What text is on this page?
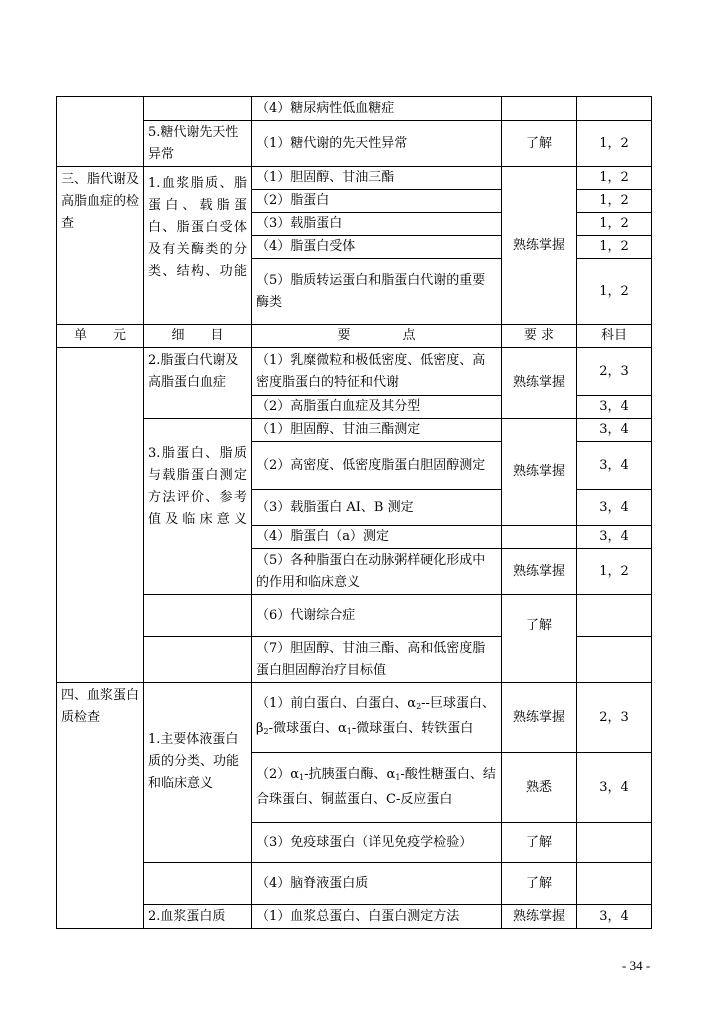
		（4）糖尿病性低血糖症		
	5.糖代谢先天性异常	（1）糖代谢的先天性异常	了解	1，2
三、脂代谢及高脂血症的检查	1.血浆脂质、脂蛋白、载脂蛋白、脂蛋白受体及有关酶类的分类、结构、功能	（1）胆固醇、甘油三酯	熟练掌握	1，2
		（2）脂蛋白		1，2
		（3）载脂蛋白		1，2
		（4）脂蛋白受体		1，2
		（5）脂质转运蛋白和脂蛋白代谢的重要酶类		1，2
单　　元	细　　目	要　　　　点	要 求	科目
	2.脂蛋白代谢及高脂蛋白血症	（1）乳糜微粒和极低密度、低密度、高密度脂蛋白的特征和代谢	熟练掌握	2，3
		（2）高脂蛋白血症及其分型		3，4
	3.脂蛋白、脂质与载脂蛋白测定方法评价、参考值及临床意义	（1）胆固醇、甘油三酯测定	熟练掌握	3，4
		（2）高密度、低密度脂蛋白胆固醇测定		3，4
		（3）载脂蛋白 AⅠ、B 测定		3，4
		（4）脂蛋白（a）测定		3，4
		（5）各种脂蛋白在动脉粥样硬化形成中的作用和临床意义	熟练掌握	1，2
		（6）代谢综合症	了解	
		（7）胆固醇、甘油三酯、高和低密度脂蛋白胆固醇治疗目标值		
四、血浆蛋白质检查	1.主要体液蛋白质的分类、功能和临床意义	（1）前白蛋白、白蛋白、$\alpha_2--$巨球蛋白、$\beta_2-$微球蛋白、$\alpha_1-$微球蛋白、转铁蛋白	熟练掌握	2，3
		$(2)\alpha_1-$抗胰蛋白酶、$\alpha_1-$酸性糖蛋白、结合珠蛋白、铜蓝蛋白、C-反应蛋白	熟悉	3，4
		（3）免疫球蛋白（详见免疫学检验）	了解	
		（4）脑脊液蛋白质	了解	
	2.血浆蛋白质	（1）血浆总蛋白、白蛋白测定方法	熟练掌握	3，4
- 34 -
